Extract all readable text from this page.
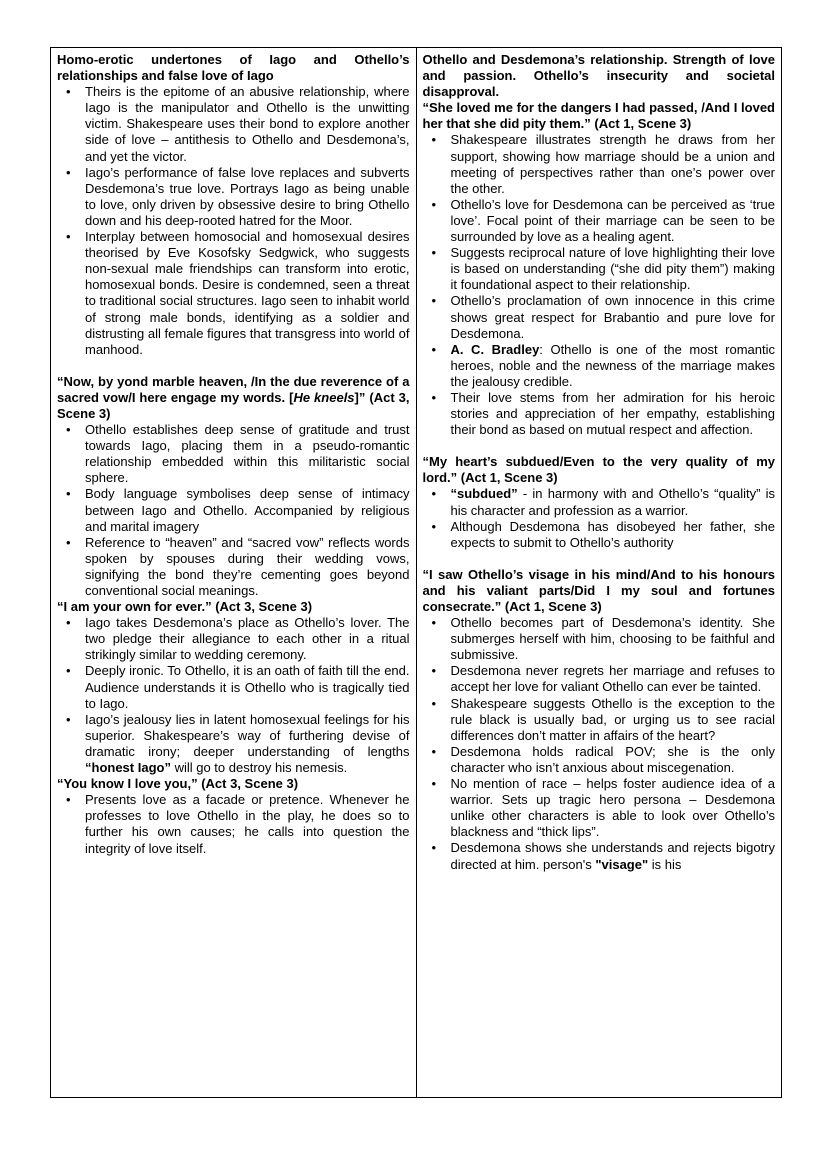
Homo-erotic undertones of Iago and Othello’s relationships and false love of Iago
• Theirs is the epitome of an abusive relationship, where Iago is the manipulator and Othello is the unwitting victim. Shakespeare uses their bond to explore another side of love – antithesis to Othello and Desdemona’s, and yet the victor.
• Iago’s performance of false love replaces and subverts Desdemona’s true love. Portrays Iago as being unable to love, only driven by obsessive desire to bring Othello down and his deep-rooted hatred for the Moor.
• Interplay between homosocial and homosexual desires theorised by Eve Kosofsky Sedgwick, who suggests non-sexual male friendships can transform into erotic, homosexual bonds. Desire is condemned, seen a threat to traditional social structures. Iago seen to inhabit world of strong male bonds, identifying as a soldier and distrusting all female figures that transgress into world of manhood.
“Now, by yond marble heaven, /In the due reverence of a sacred vow/I here engage my words. [He kneels]” (Act 3, Scene 3)
• Othello establishes deep sense of gratitude and trust towards Iago, placing them in a pseudo-romantic relationship embedded within this militaristic social sphere.
• Body language symbolises deep sense of intimacy between Iago and Othello. Accompanied by religious and marital imagery
• Reference to “heaven” and “sacred vow” reflects words spoken by spouses during their wedding vows, signifying the bond they’re cementing goes beyond conventional social meanings.
“I am your own for ever.” (Act 3, Scene 3)
• Iago takes Desdemona’s place as Othello’s lover. The two pledge their allegiance to each other in a ritual strikingly similar to wedding ceremony.
• Deeply ironic. To Othello, it is an oath of faith till the end. Audience understands it is Othello who is tragically tied to Iago.
• Iago’s jealousy lies in latent homosexual feelings for his superior. Shakespeare’s way of furthering devise of dramatic irony; deeper understanding of lengths “honest Iago” will go to destroy his nemesis.
“You know I love you,” (Act 3, Scene 3)
• Presents love as a facade or pretence. Whenever he professes to love Othello in the play, he does so to further his own causes; he calls into question the integrity of love itself.

Othello and Desdemona’s relationship. Strength of love and passion. Othello’s insecurity and societal disapproval.
“She loved me for the dangers I had passed, /And I loved her that she did pity them.” (Act 1, Scene 3)
• Shakespeare illustrates strength he draws from her support, showing how marriage should be a union and meeting of perspectives rather than one’s power over the other.
• Othello’s love for Desdemona can be perceived as ‘true love’. Focal point of their marriage can be seen to be surrounded by love as a healing agent.
• Suggests reciprocal nature of love highlighting their love is based on understanding (“she did pity them”) making it foundational aspect to their relationship.
• Othello’s proclamation of own innocence in this crime shows great respect for Brabantio and pure love for Desdemona.
• A. C. Bradley: Othello is one of the most romantic heroes, noble and the newness of the marriage makes the jealousy credible.
• Their love stems from her admiration for his heroic stories and appreciation of her empathy, establishing their bond as based on mutual respect and affection.
“My heart’s subdued/Even to the very quality of my lord.” (Act 1, Scene 3)
• “subdued” - in harmony with and Othello’s “quality” is his character and profession as a warrior.
• Although Desdemona has disobeyed her father, she expects to submit to Othello’s authority
“I saw Othello’s visage in his mind/And to his honours and his valiant parts/Did I my soul and fortunes consecrate.” (Act 1, Scene 3)
• Othello becomes part of Desdemona’s identity. She submerges herself with him, choosing to be faithful and submissive.
• Desdemona never regrets her marriage and refuses to accept her love for valiant Othello can ever be tainted.
• Shakespeare suggests Othello is the exception to the rule black is usually bad, or urging us to see racial differences don’t matter in affairs of the heart?
• Desdemona holds radical POV; she is the only character who isn’t anxious about miscegenation.
• No mention of race – helps foster audience idea of a warrior. Sets up tragic hero persona – Desdemona unlike other characters is able to look over Othello’s blackness and “thick lips”.
• Desdemona shows she understands and rejects bigotry directed at him. person's "visage" is his
